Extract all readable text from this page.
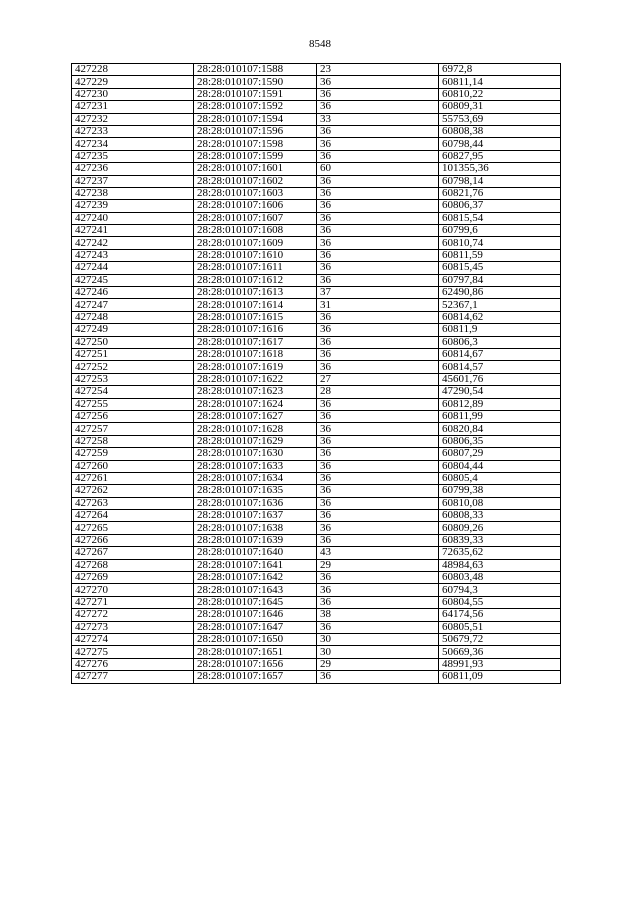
8548
427228	28:28:010107:1588	23	6972,8
427229	28:28:010107:1590	36	60811,14
427230	28:28:010107:1591	36	60810,22
427231	28:28:010107:1592	36	60809,31
427232	28:28:010107:1594	33	55753,69
427233	28:28:010107:1596	36	60808,38
427234	28:28:010107:1598	36	60798,44
427235	28:28:010107:1599	36	60827,95
427236	28:28:010107:1601	60	101355,36
427237	28:28:010107:1602	36	60798,14
427238	28:28:010107:1603	36	60821,76
427239	28:28:010107:1606	36	60806,37
427240	28:28:010107:1607	36	60815,54
427241	28:28:010107:1608	36	60799,6
427242	28:28:010107:1609	36	60810,74
427243	28:28:010107:1610	36	60811,59
427244	28:28:010107:1611	36	60815,45
427245	28:28:010107:1612	36	60797,84
427246	28:28:010107:1613	37	62490,86
427247	28:28:010107:1614	31	52367,1
427248	28:28:010107:1615	36	60814,62
427249	28:28:010107:1616	36	60811,9
427250	28:28:010107:1617	36	60806,3
427251	28:28:010107:1618	36	60814,67
427252	28:28:010107:1619	36	60814,57
427253	28:28:010107:1622	27	45601,76
427254	28:28:010107:1623	28	47290,54
427255	28:28:010107:1624	36	60812,89
427256	28:28:010107:1627	36	60811,99
427257	28:28:010107:1628	36	60820,84
427258	28:28:010107:1629	36	60806,35
427259	28:28:010107:1630	36	60807,29
427260	28:28:010107:1633	36	60804,44
427261	28:28:010107:1634	36	60805,4
427262	28:28:010107:1635	36	60799,38
427263	28:28:010107:1636	36	60810,08
427264	28:28:010107:1637	36	60808,33
427265	28:28:010107:1638	36	60809,26
427266	28:28:010107:1639	36	60839,33
427267	28:28:010107:1640	43	72635,62
427268	28:28:010107:1641	29	48984,63
427269	28:28:010107:1642	36	60803,48
427270	28:28:010107:1643	36	60794,3
427271	28:28:010107:1645	36	60804,55
427272	28:28:010107:1646	38	64174,56
427273	28:28:010107:1647	36	60805,51
427274	28:28:010107:1650	30	50679,72
427275	28:28:010107:1651	30	50669,36
427276	28:28:010107:1656	29	48991,93
427277	28:28:010107:1657	36	60811,09
